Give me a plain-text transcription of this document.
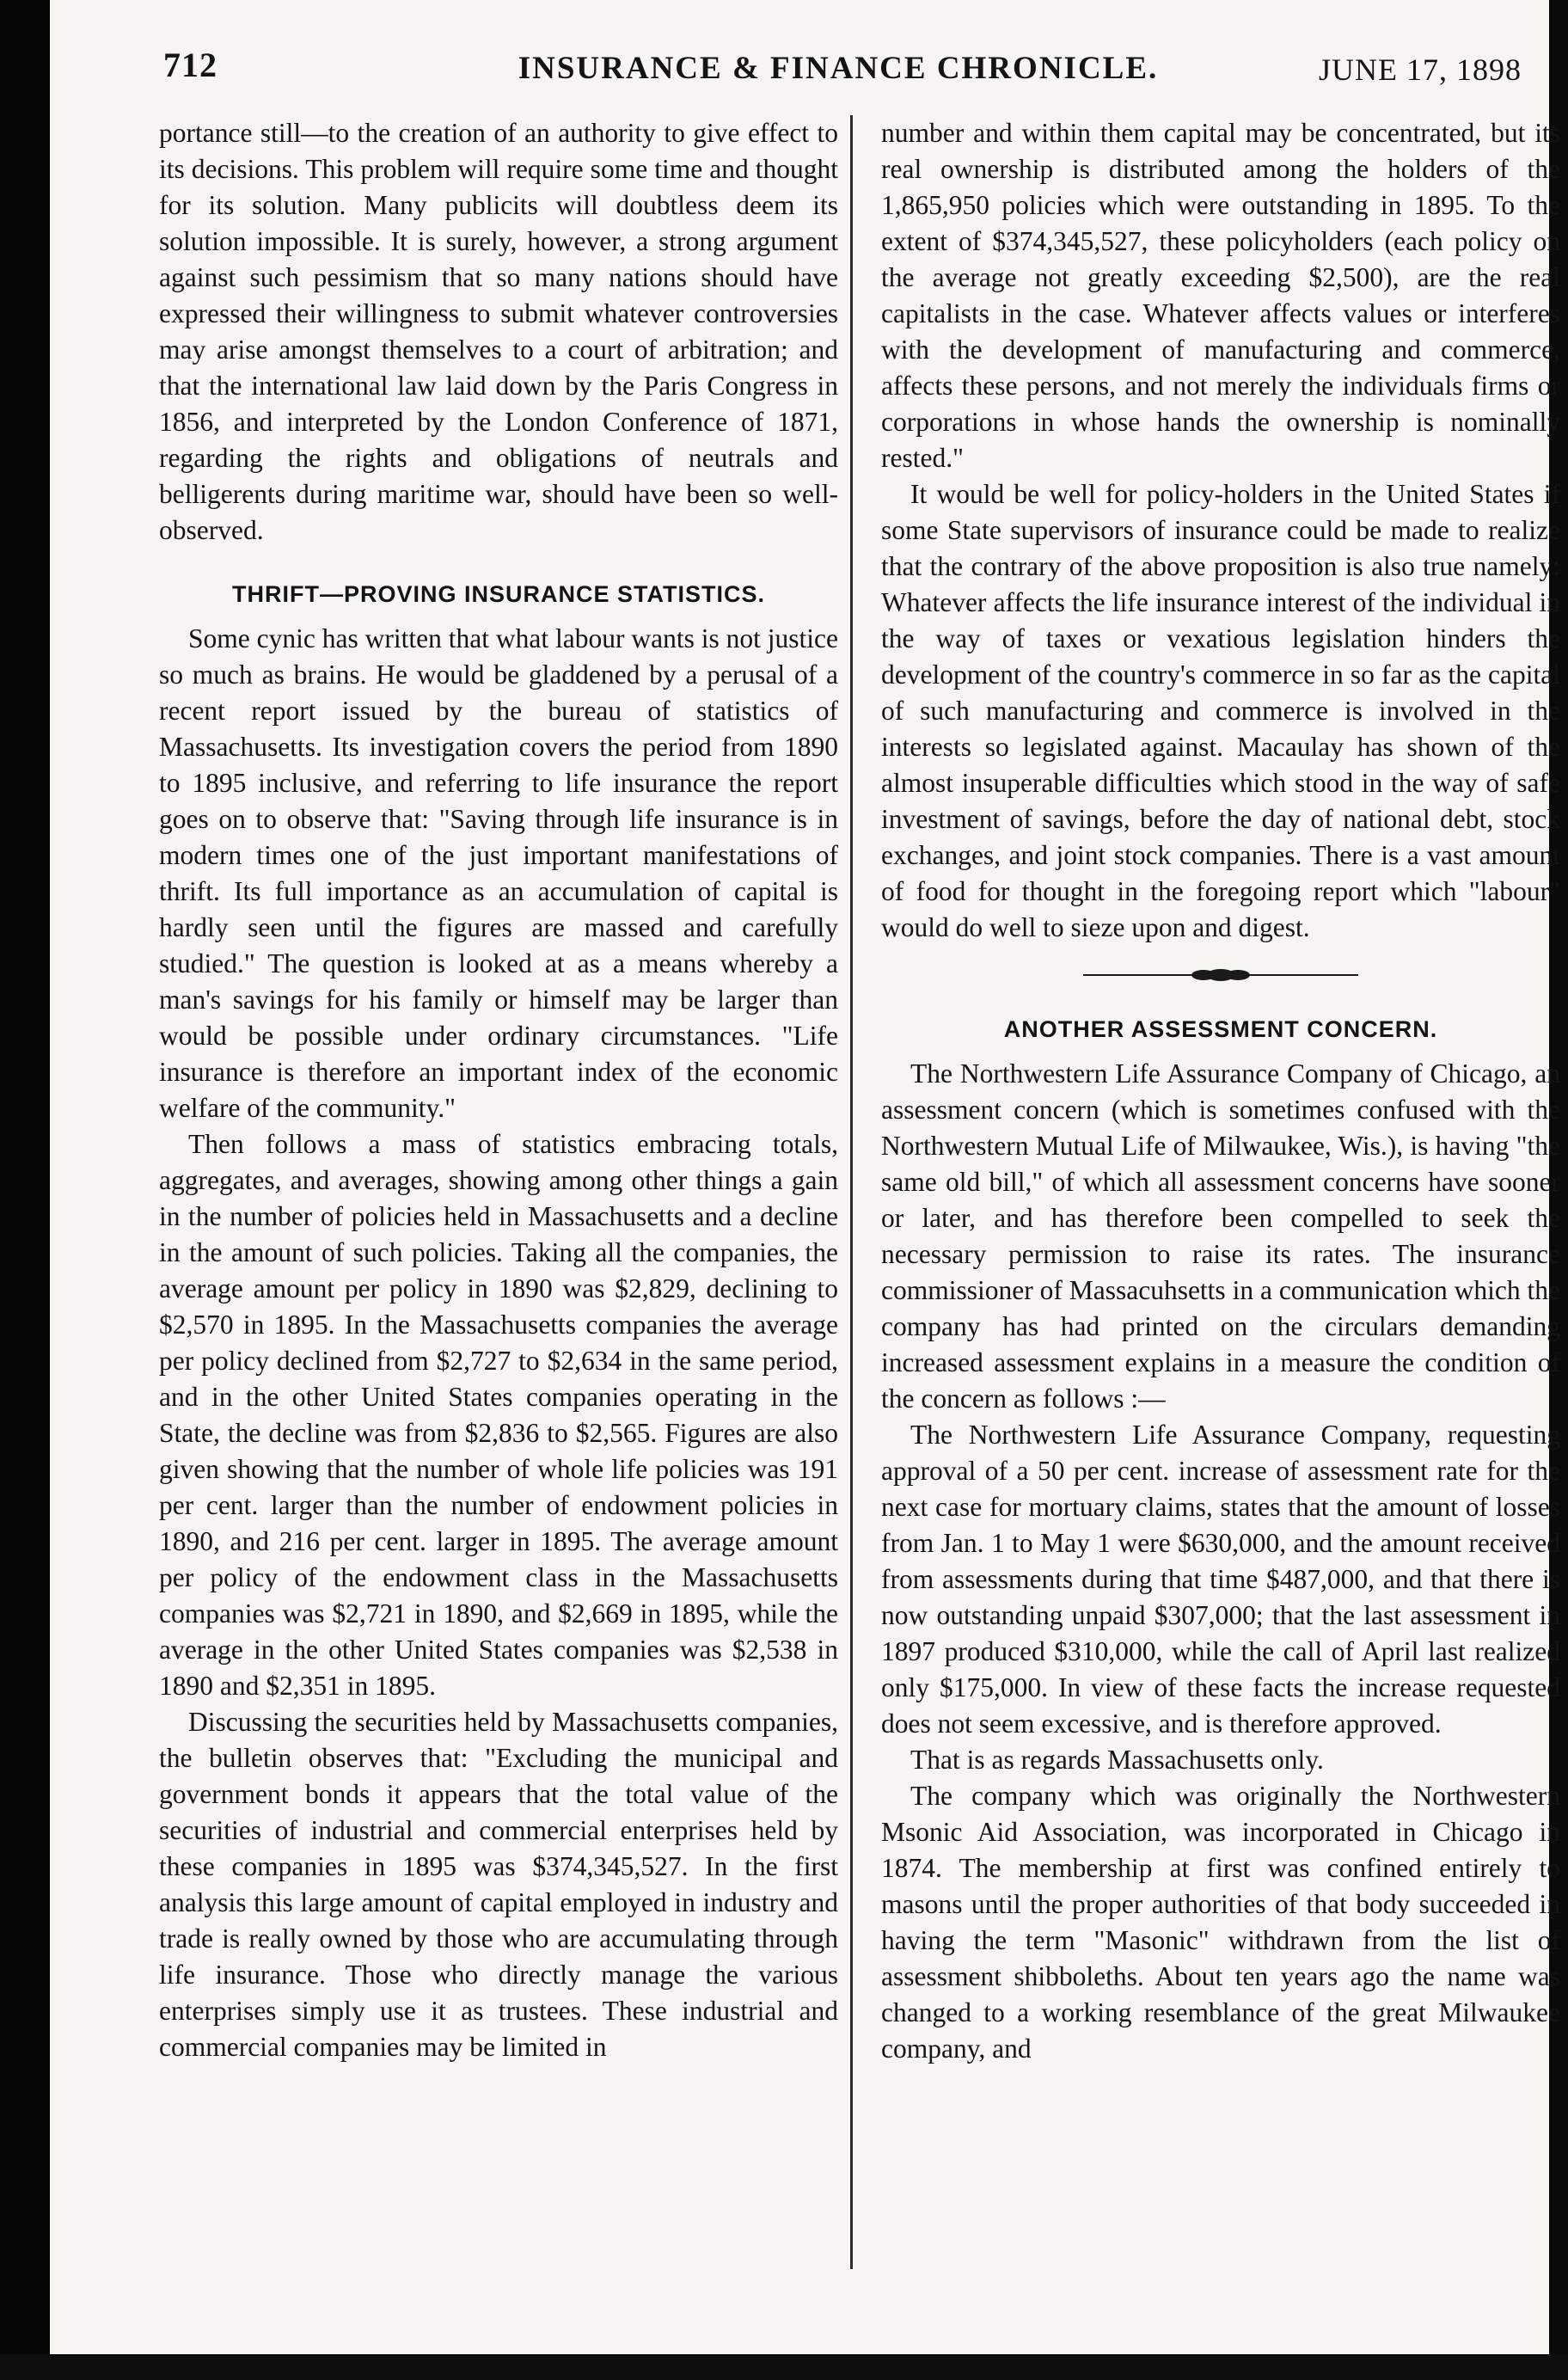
712	INSURANCE & FINANCE CHRONICLE.	JUNE 17, 1898

portance still—to the creation of an authority to give effect to its decisions. This problem will require some time and thought for its solution. Many publicits will doubtless deem its solution impossible. It is surely, however, a strong argument against such pessimism that so many nations should have expressed their willingness to submit whatever controversies may arise amongst themselves to a court of arbitration; and that the international law laid down by the Paris Congress in 1856, and interpreted by the London Conference of 1871, regarding the rights and obligations of neutrals and belligerents during maritime war, should have been so well-observed.

THRIFT—PROVING INSURANCE STATISTICS.

Some cynic has written that what labour wants is not justice so much as brains. He would be gladdened by a perusal of a recent report issued by the bureau of statistics of Massachusetts. Its investigation covers the period from 1890 to 1895 inclusive, and referring to life insurance the report goes on to observe that: "Saving through life insurance is in modern times one of the just important manifestations of thrift. Its full importance as an accumulation of capital is hardly seen until the figures are massed and carefully studied." The question is looked at as a means whereby a man's savings for his family or himself may be larger than would be possible under ordinary circumstances. "Life insurance is therefore an important index of the economic welfare of the community."

Then follows a mass of statistics embracing totals, aggregates, and averages, showing among other things a gain in the number of policies held in Massachusetts and a decline in the amount of such policies. Taking all the companies, the average amount per policy in 1890 was $2,829, declining to $2,570 in 1895. In the Massachusetts companies the average per policy declined from $2,727 to $2,634 in the same period, and in the other United States companies operating in the State, the decline was from $2,836 to $2,565. Figures are also given showing that the number of whole life policies was 191 per cent. larger than the number of endowment policies in 1890, and 216 per cent. larger in 1895. The average amount per policy of the endowment class in the Massachusetts companies was $2,721 in 1890, and $2,669 in 1895, while the average in the other United States companies was $2,538 in 1890 and $2,351 in 1895.

Discussing the securities held by Massachusetts companies, the bulletin observes that: "Excluding the municipal and government bonds it appears that the total value of the securities of industrial and commercial enterprises held by these companies in 1895 was $374,345,527. In the first analysis this large amount of capital employed in industry and trade is really owned by those who are accumulating through life insurance. Those who directly manage the various enterprises simply use it as trustees. These industrial and commercial companies may be limited in

number and within them capital may be concentrated, but its real ownership is distributed among the holders of the 1,865,950 policies which were outstanding in 1895. To the extent of $374,345,527, these policyholders (each policy on the average not greatly exceeding $2,500), are the real capitalists in the case. Whatever affects values or interferes with the development of manufacturing and commerce, affects these persons, and not merely the individuals firms or corporations in whose hands the ownership is nominally rested."

It would be well for policy-holders in the United States if some State supervisors of insurance could be made to realize that the contrary of the above proposition is also true namely: Whatever affects the life insurance interest of the individual in the way of taxes or vexatious legislation hinders the development of the country's commerce in so far as the capital of such manufacturing and commerce is involved in the interests so legislated against. Macaulay has shown of the almost insuperable difficulties which stood in the way of safe investment of savings, before the day of national debt, stock exchanges, and joint stock companies. There is a vast amount of food for thought in the foregoing report which "labour" would do well to sieze upon and digest.

ANOTHER ASSESSMENT CONCERN.

The Northwestern Life Assurance Company of Chicago, an assessment concern (which is sometimes confused with the Northwestern Mutual Life of Milwaukee, Wis.), is having "the same old bill," of which all assessment concerns have sooner or later, and has therefore been compelled to seek the necessary permission to raise its rates. The insurance commissioner of Massacuhsetts in a communication which the company has had printed on the circulars demanding increased assessment explains in a measure the condition of the concern as follows :—

The Northwestern Life Assurance Company, requesting approval of a 50 per cent. increase of assessment rate for the next case for mortuary claims, states that the amount of losses from Jan. 1 to May 1 were $630,000, and the amount received from assessments during that time $487,000, and that there is now outstanding unpaid $307,000; that the last assessment in 1897 produced $310,000, while the call of April last realized only $175,000. In view of these facts the increase requested does not seem excessive, and is therefore approved.

That is as regards Massachusetts only.

The company which was originally the Northwestern Msonic Aid Association, was incorporated in Chicago in 1874. The membership at first was confined entirely to masons until the proper authorities of that body succeeded in having the term "Masonic" withdrawn from the list of assessment shibboleths. About ten years ago the name was changed to a working resemblance of the great Milwaukee company, and
